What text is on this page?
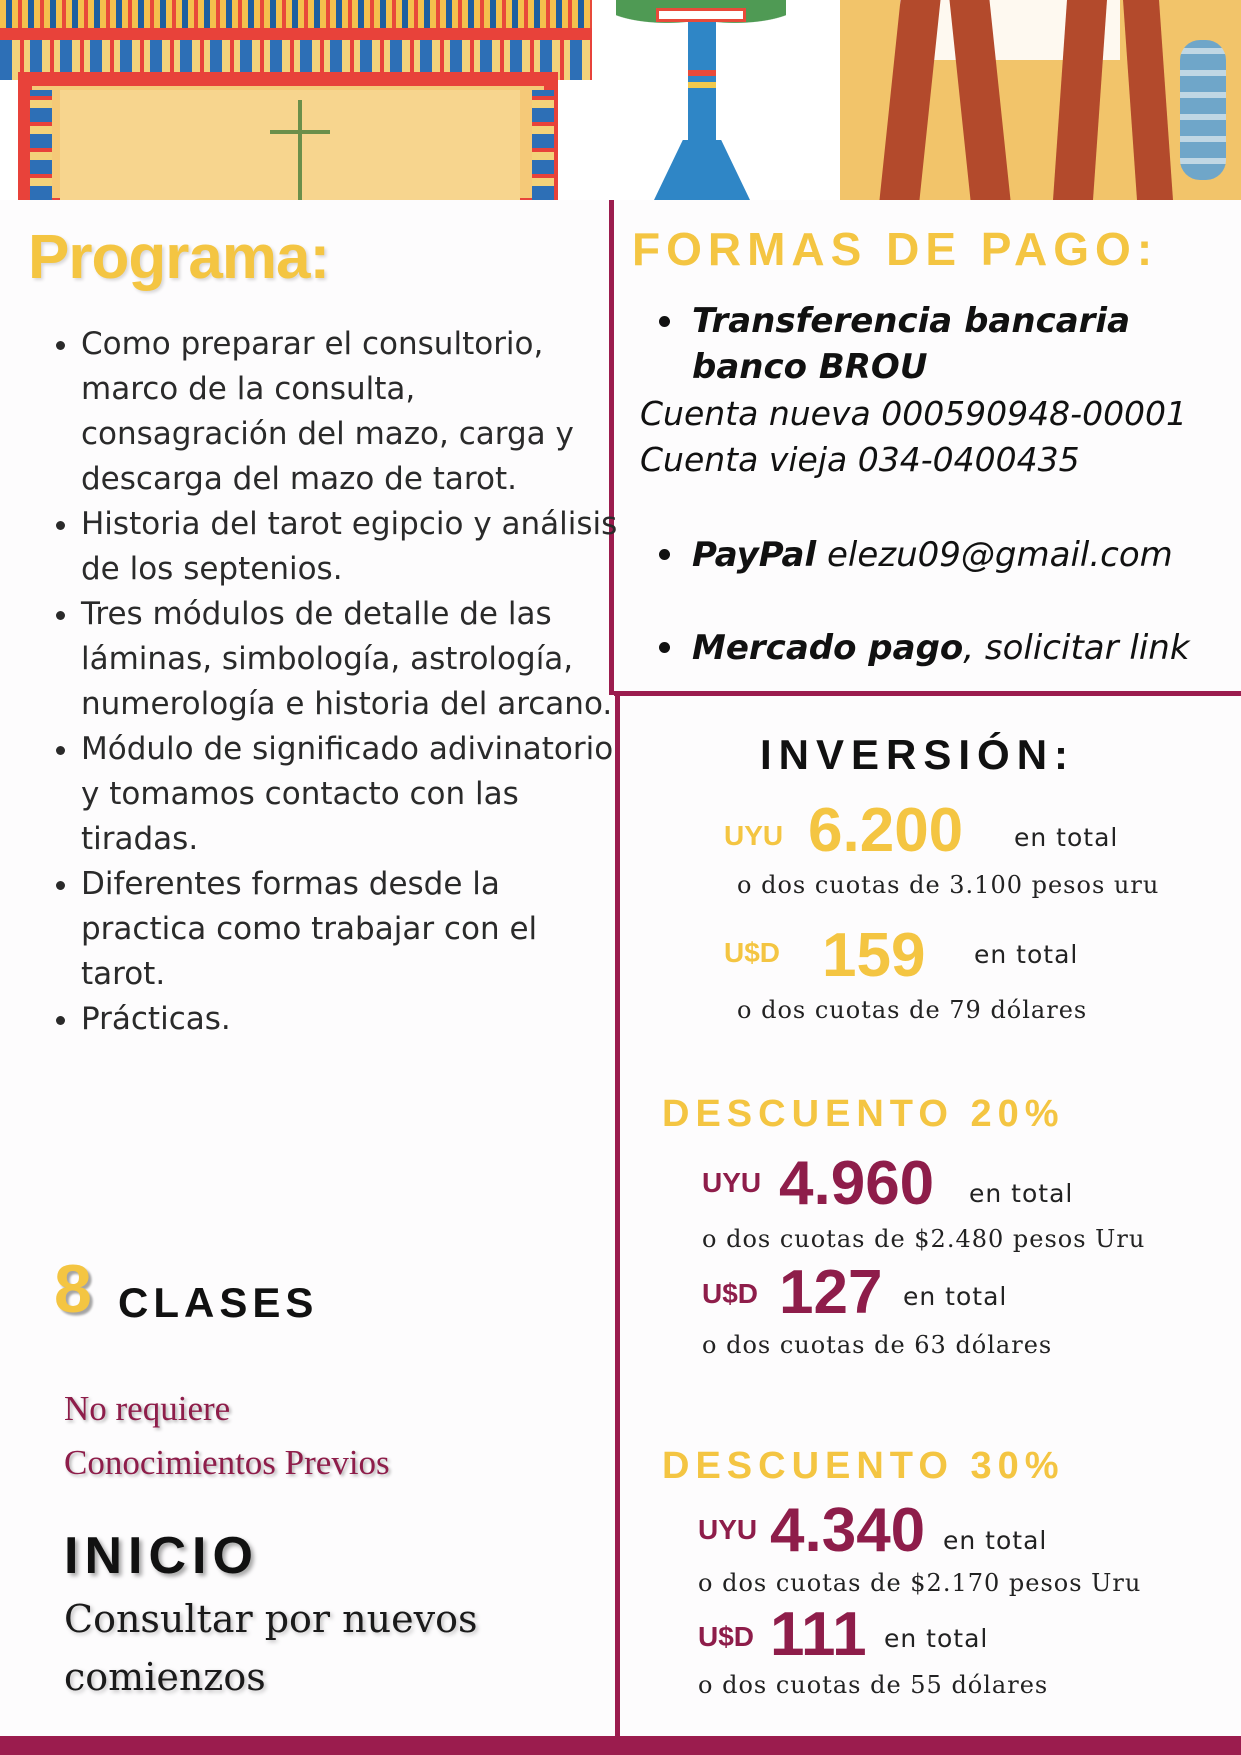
Programa:
• Como preparar el consultorio, marco de la consulta, consagración del mazo, carga y descarga del mazo de tarot.
• Historia del tarot egipcio y análisis de los septenios.
• Tres módulos de detalle de las láminas, simbología, astrología, numerología e historia del arcano.
• Módulo de significado adivinatorio y tomamos contacto con las tiradas.
• Diferentes formas desde la practica como trabajar con el tarot.
• Prácticas.
8 CLASES

No requiere
Conocimientos Previos

INICIO

Consultar por nuevos
comienzos

FORMAS DE PAGO:
Transferencia bancaria
banco BROU
Cuenta nueva 000590948-00001
Cuenta vieja 034-0400435
PayPal elezu09@gmail.com
Mercado pago, solicitar link
INVERSIÓN:
UYU 6.200 en total
o dos cuotas de 3.100 pesos uru
U$D 159 en total
o dos cuotas de 79 dólares
DESCUENTO 20%
UYU 4.960 en total
o dos cuotas de $2.480 pesos Uru
U$D 127 en total
o dos cuotas de 63 dólares
DESCUENTO 30%
UYU 4.340 en total
o dos cuotas de $2.170 pesos Uru
U$D 111 en total
o dos cuotas de 55 dólares
